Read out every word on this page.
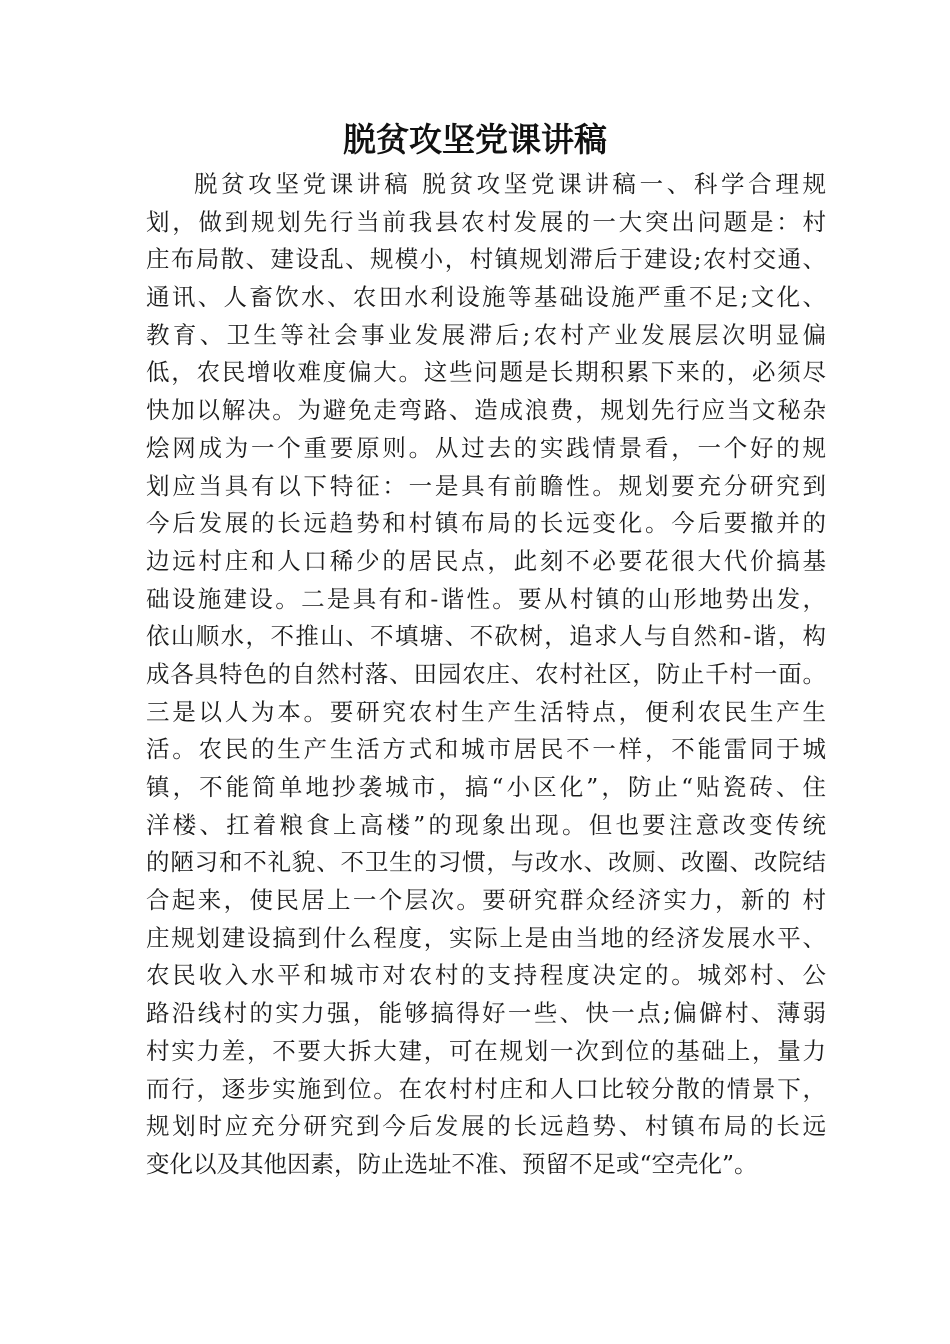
脱贫攻坚党课讲稿
脱贫攻坚党课讲稿 脱贫攻坚党课讲稿一、科学合理规
划，做到规划先行当前我县农村发展的一大突出问题是：村
庄布局散、建设乱、规模小，村镇规划滞后于建设;农村交通、
通讯、人畜饮水、农田水利设施等基础设施严重不足;文化、
教育、卫生等社会事业发展滞后;农村产业发展层次明显偏
低，农民增收难度偏大。这些问题是长期积累下来的，必须尽
快加以解决。为避免走弯路、造成浪费，规划先行应当文秘杂
烩网成为一个重要原则。从过去的实践情景看，一个好的规
划应当具有以下特征：一是具有前瞻性。规划要充分研究到
今后发展的长远趋势和村镇布局的长远变化。今后要撤并的
边远村庄和人口稀少的居民点，此刻不必要花很大代价搞基
础设施建设。二是具有和-谐性。要从村镇的山形地势出发，
依山顺水，不推山、不填塘、不砍树，追求人与自然和-谐，构
成各具特色的自然村落、田园农庄、农村社区，防止千村一面。
三是以人为本。要研究农村生产生活特点，便利农民生产生
活。农民的生产生活方式和城市居民不一样，不能雷同于城
镇，不能简单地抄袭城市，搞“小区化”，防止“贴瓷砖、住
洋楼、扛着粮食上高楼”的现象出现。但也要注意改变传统
的陋习和不礼貌、不卫生的习惯，与改水、改厕、改圈、改院结
合起来，使民居上一个层次。要研究群众经济实力，新的 村
庄规划建设搞到什么程度，实际上是由当地的经济发展水平、
农民收入水平和城市对农村的支持程度决定的。城郊村、公
路沿线村的实力强，能够搞得好一些、快一点;偏僻村、薄弱
村实力差，不要大拆大建，可在规划一次到位的基础上，量力
而行，逐步实施到位。在农村村庄和人口比较分散的情景下，
规划时应充分研究到今后发展的长远趋势、村镇布局的长远
变化以及其他因素，防止选址不准、预留不足或“空壳化”。
